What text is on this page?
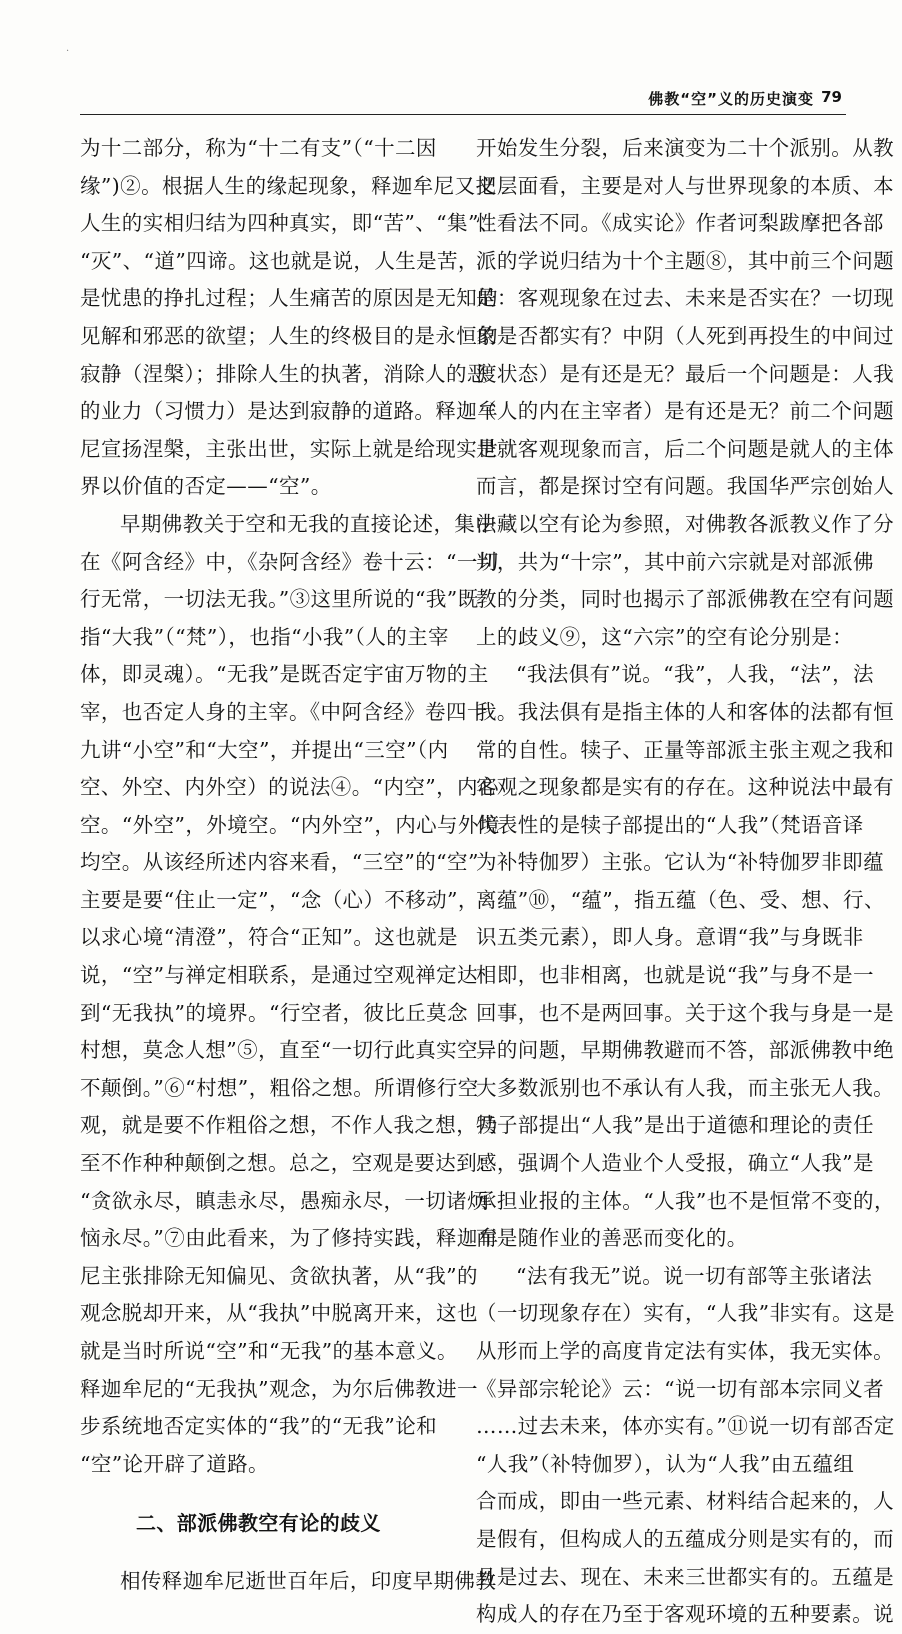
·
佛教“空”义的历史演变 79
为十二部分，称为“十二有支”（“十二因
缘”)②。根据人生的缘起现象，释迦牟尼又把
人生的实相归结为四种真实，即“苦”、“集”、
“灭”、“道”四谛。这也就是说，人生是苦，
是忧患的挣扎过程；人生痛苦的原因是无知的
见解和邪恶的欲望；人生的终极目的是永恒的
寂静（涅槃）；排除人生的执著，消除人的恶
的业力（习惯力）是达到寂静的道路。释迦牟
尼宣扬涅槃，主张出世，实际上就是给现实世
界以价值的否定——“空”。
早期佛教关于空和无我的直接论述，集中
在《阿含经》中，《杂阿含经》卷十云：“一切
行无常，一切法无我。”③这里所说的“我”既
指“大我”（“梵”），也指“小我”（人的主宰
体，即灵魂）。“无我”是既否定宇宙万物的主
宰，也否定人身的主宰。《中阿含经》卷四十
九讲“小空”和“大空”，并提出“三空”（内
空、外空、内外空）的说法④。“内空”，内心
空。“外空”，外境空。“内外空”，内心与外境
均空。从该经所述内容来看，“三空”的“空”
主要是要“住止一定”，“念（心）不移动”，
以求心境“清澄”，符合“正知”。这也就是
说，“空”与禅定相联系，是通过空观禅定达
到“无我执”的境界。“行空者，彼比丘莫念
村想，莫念人想”⑤，直至“一切行此真实空
不颠倒。”⑥“村想”，粗俗之想。所谓修行空
观，就是要不作粗俗之想，不作人我之想，乃
至不作种种颠倒之想。总之，空观是要达到：
“贪欲永尽，瞋恚永尽，愚痴永尽，一切诸烦
恼永尽。”⑦由此看来，为了修持实践，释迦牟
尼主张排除无知偏见、贪欲执著，从“我”的
观念脱却开来，从“我执”中脱离开来，这也
就是当时所说“空”和“无我”的基本意义。
释迦牟尼的“无我执”观念，为尔后佛教进一
步系统地否定实体的“我”的“无我”论和
“空”论开辟了道路。
二、部派佛教空有论的歧义
相传释迦牟尼逝世百年后，印度早期佛教
开始发生分裂，后来演变为二十个派别。从教
义层面看，主要是对人与世界现象的本质、本
性看法不同。《成实论》作者诃梨跋摩把各部
派的学说归结为十个主题⑧，其中前三个问题
是：客观现象在过去、未来是否实在？一切现
象是否都实有？中阴（人死到再投生的中间过
渡状态）是有还是无？最后一个问题是：人我
（人的内在主宰者）是有还是无？前二个问题
是就客观现象而言，后二个问题是就人的主体
而言，都是探讨空有问题。我国华严宗创始人
法藏以空有论为参照，对佛教各派教义作了分
判，共为“十宗”，其中前六宗就是对部派佛
教的分类，同时也揭示了部派佛教在空有问题
上的歧义⑨，这“六宗”的空有论分别是：
“我法俱有”说。“我”，人我，“法”，法
我。我法俱有是指主体的人和客体的法都有恒
常的自性。犊子、正量等部派主张主观之我和
客观之现象都是实有的存在。这种说法中最有
代表性的是犊子部提出的“人我”（梵语音译
为补特伽罗）主张。它认为“补特伽罗非即蕴
离蕴”⑩，“蕴”，指五蕴（色、受、想、行、
识五类元素），即人身。意谓“我”与身既非
相即，也非相离，也就是说“我”与身不是一
回事，也不是两回事。关于这个我与身是一是
异的问题，早期佛教避而不答，部派佛教中绝
大多数派别也不承认有人我，而主张无人我。
犊子部提出“人我”是出于道德和理论的责任
感，强调个人造业个人受报，确立“人我”是
承担业报的主体。“人我”也不是恒常不变的，
而是随作业的善恶而变化的。
“法有我无”说。说一切有部等主张诸法
（一切现象存在）实有，“人我”非实有。这是
从形而上学的高度肯定法有实体，我无实体。
《异部宗轮论》云：“说一切有部本宗同义者
……过去未来，体亦实有。”⑪说一切有部否定
“人我”（补特伽罗），认为“人我”由五蕴组
合而成，即由一些元素、材料结合起来的，人
是假有，但构成人的五蕴成分则是实有的，而
且是过去、现在、未来三世都实有的。五蕴是
构成人的存在乃至于客观环境的五种要素。说
